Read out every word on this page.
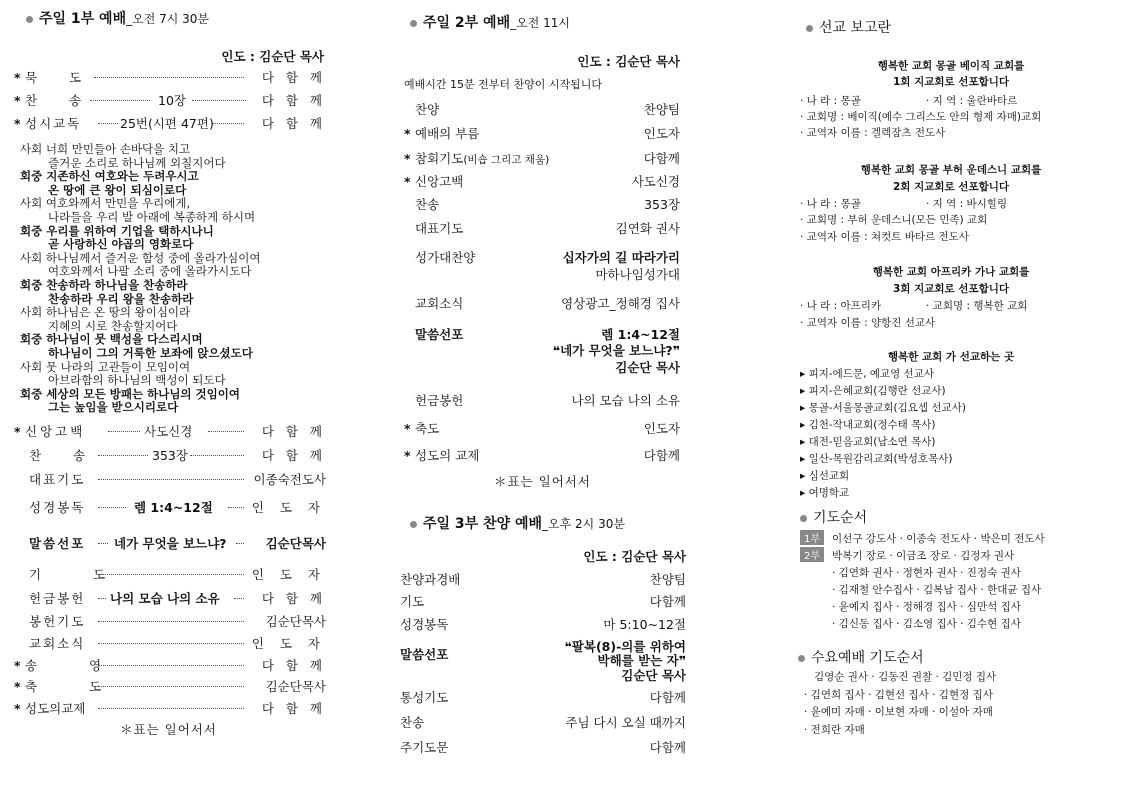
주일 1부 예배_오전 7시 30분
인도 : 김순단 목사
* 묵 도	다 함 께
* 찬 송	10장	다 함 께
* 성시교독	25번(시편 47편)	다 함 께
사회 너희 만민들아 손바닥을 치고
즐거운 소리로 하나님께 외칠지어다
회중 지존하신 여호와는 두려우시고
온 땅에 큰 왕이 되심이로다
사회 여호와께서 만민을 우리에게,
나라들을 우리 발 아래에 복종하게 하시며
회중 우리를 위하여 기업을 택하시나니
곧 사랑하신 야곱의 영화로다
사회 하나님께서 즐거운 함성 중에 올라가심이여
여호와께서 나팔 소리 중에 올라가시도다
회중 찬송하라 하나님을 찬송하라
찬송하라 우리 왕을 찬송하라
사회 하나님은 온 땅의 왕이심이라
지혜의 시로 찬송할지어다
회중 하나님이 뭇 백성을 다스리시며
하나님이 그의 거룩한 보좌에 앉으셨도다
사회 뭇 나라의 고관들이 모임이여
아브라함의 하나님의 백성이 되도다
회중 세상의 모든 방패는 하나님의 것임이여
그는 높임을 받으시리로다
* 신앙고백	사도신경	다 함 께
찬 송	353장	다 함 께
대표기도	이종숙전도사
성경봉독	렘 1:4~12절	인 도 자
말씀선포 네가 무엇을 보느냐?	김순단목사
기 도	인 도 자
헌금봉헌 나의 모습 나의 소유	다 함 께
봉헌기도	김순단목사
교회소식	인 도 자
* 송 영	다 함 께
* 축 도	김순단목사
* 성도의교제	다 함 께
＊표는 일어서서
주일 2부 예배_오전 11시
인도 : 김순단 목사
예배시간 15분 전부터 찬양이 시작됩니다
찬양	찬양팀
* 예배의 부름	인도자
* 참회기도(비숍 그리고 채움)	다함께
* 신앙고백	사도신경
찬송	353장
대표기도	김연화 권사
성가대찬양	십자가의 길 따라가리
마하나임성가대
교회소식	영상광고_정해경 집사
말씀선포	렘 1:4~12절
❝네가 무엇을 보느냐?❞
김순단 목사
헌금봉헌	나의 모습 나의 소유
* 축도	인도자
* 성도의 교제	다함께
＊표는 일어서서
주일 3부 찬양 예배_오후 2시 30분
인도 : 김순단 목사
찬양과경배	찬양팀
기도	다함께
성경봉독	마 5:10~12절
말씀선포
❝팔복(8)-의를 위하여
박해를 받는 자❞
김순단 목사
통성기도	다함께
찬송	주님 다시 오실 때까지
주기도문	다함께
선교 보고란
행복한 교회 몽골 베이직 교회를
1회 지교회로 선포합니다
· 나 라 : 몽골	· 지 역 : 울란바타르
· 교회명 : 베이직(예수 그리스도 안의 형제 자매)교회
· 교역자 이름 : 겔렉잠츠 전도사
행복한 교회 몽골 부허 운데스니 교회를
2회 지교회로 선포합니다
· 나 라 : 몽골	· 지 역 : 바시힐링
· 교회명 : 부허 운데스니(모든 민족) 교회
· 교역자 이름 : 쳐컷트 바타르 전도사
행복한 교회 아프리카 가나 교회를
3회 지교회로 선포합니다
· 나 라 : 아프리카	· 교회명 : 행복한 교회
· 교역자 이름 : 양항진 선교사
행복한 교회 가 선교하는 곳
▸ 피지-에드문, 예교영 선교사
▸ 피지-은혜교회(김행란 선교사)
▸ 몽골-서울몽골교회(김요셉 선교사)
▸ 김천-작내교회(정수태 목사)
▸ 대전-믿음교회(남소연 목사)
▸ 일산-목원감리교회(박성호목사)
▸ 심선교회
▸ 여명학교
기도순서
1부 이선구 강도사 · 이종숙 전도사 · 박은미 전도사
2부 박복기 장로 · 이금조 장로 · 김정자 권사
· 김연화 권사 · 정현자 권사 · 진정숙 권사
· 김재철 안수집사 · 김복남 집사 · 한대균 집사
· 윤예지 집사 · 정해경 집사 · 심만석 집사
· 김신동 집사 · 김소영 집사 · 김수현 집사
수요예배 기도순서
김영순 권사 · 김동진 권찰 · 김민정 집사
· 김연희 집사 · 김현선 집사 · 김현정 집사
· 윤예미 자매 · 이보현 자매 · 이설아 자매
· 전희란 자매
